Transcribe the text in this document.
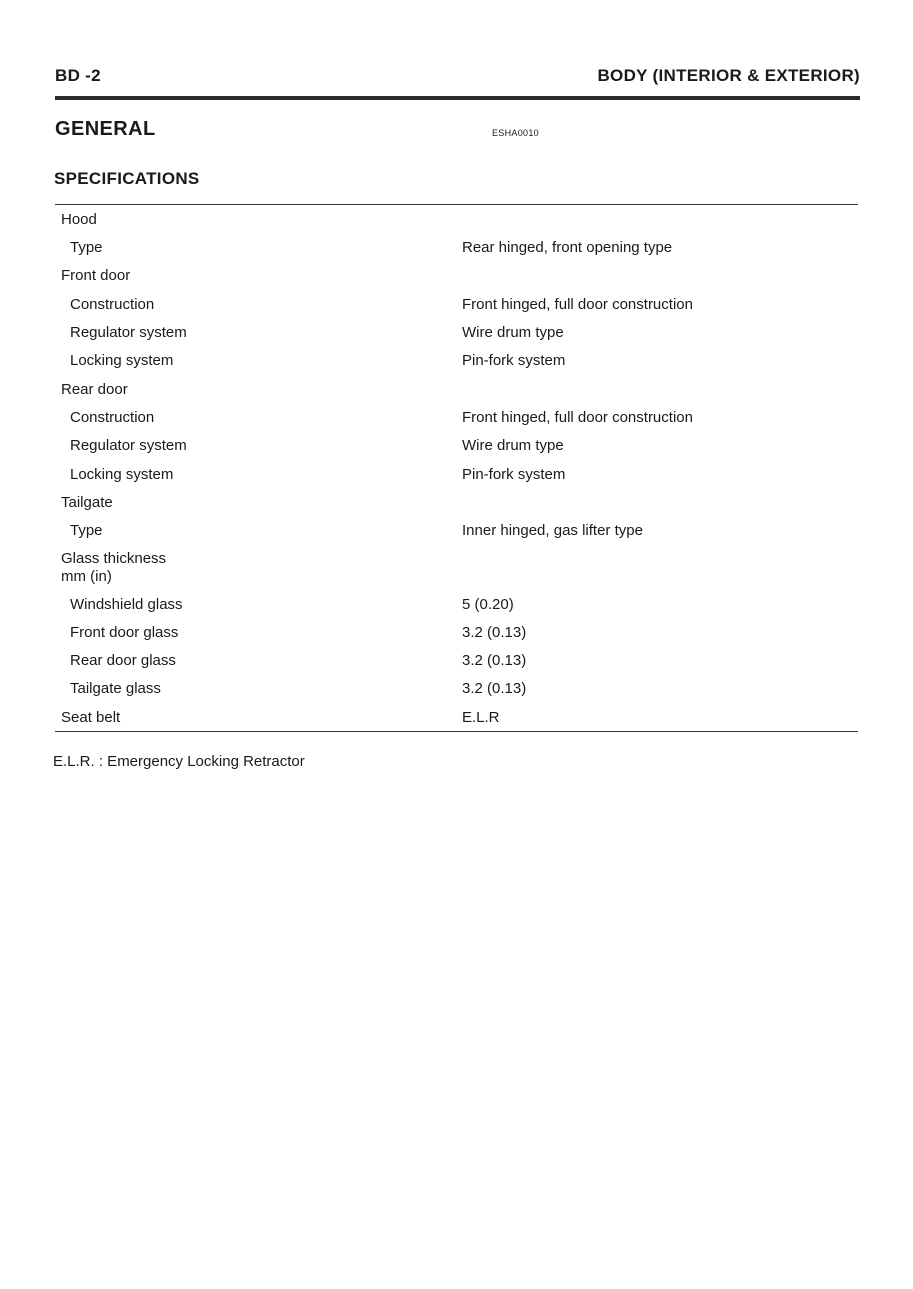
BD -2	BODY (INTERIOR & EXTERIOR)
GENERAL	ESHA0010
SPECIFICATIONS
Hood
Type	Rear hinged, front opening type
Front door
Construction	Front hinged, full door construction
Regulator system	Wire drum type
Locking system	Pin-fork system
Rear door
Construction	Front hinged, full door construction
Regulator system	Wire drum type
Locking system	Pin-fork system
Tailgate
Type	Inner hinged, gas lifter type
Glass thickness
mm (in)
Windshield glass	5 (0.20)
Front door glass	3.2 (0.13)
Rear door glass	3.2 (0.13)
Tailgate glass	3.2 (0.13)
Seat belt	E.L.R
E.L.R. : Emergency Locking Retractor
